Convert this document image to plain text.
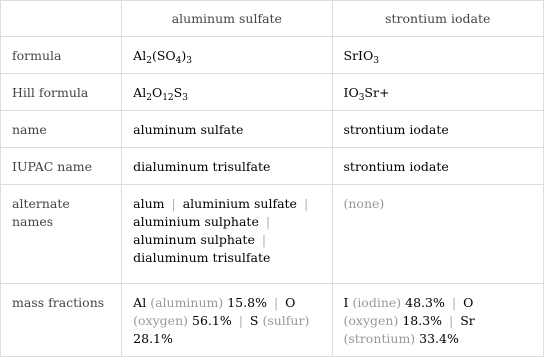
	aluminum sulfate	strontium iodate
formula	$Al_2(SO_4)_3$	SrIO$_3$
Hill formula	$Al_2O_{12}S_3$	$IO_3Sr+$
name	aluminum sulfate	strontium iodate
IUPAC name	dialuminum trisulfate	strontium iodate
alternate names	alum | aluminium sulfate | aluminium sulphate | aluminum sulphate | dialuminum trisulfate	(none)
mass fractions	Al (aluminum) 15.8% | O (oxygen) 56.1% | S (sulfur) 28.1%	I (iodine) 48.3% | O (oxygen) 18.3% | Sr (strontium) 33.4%
